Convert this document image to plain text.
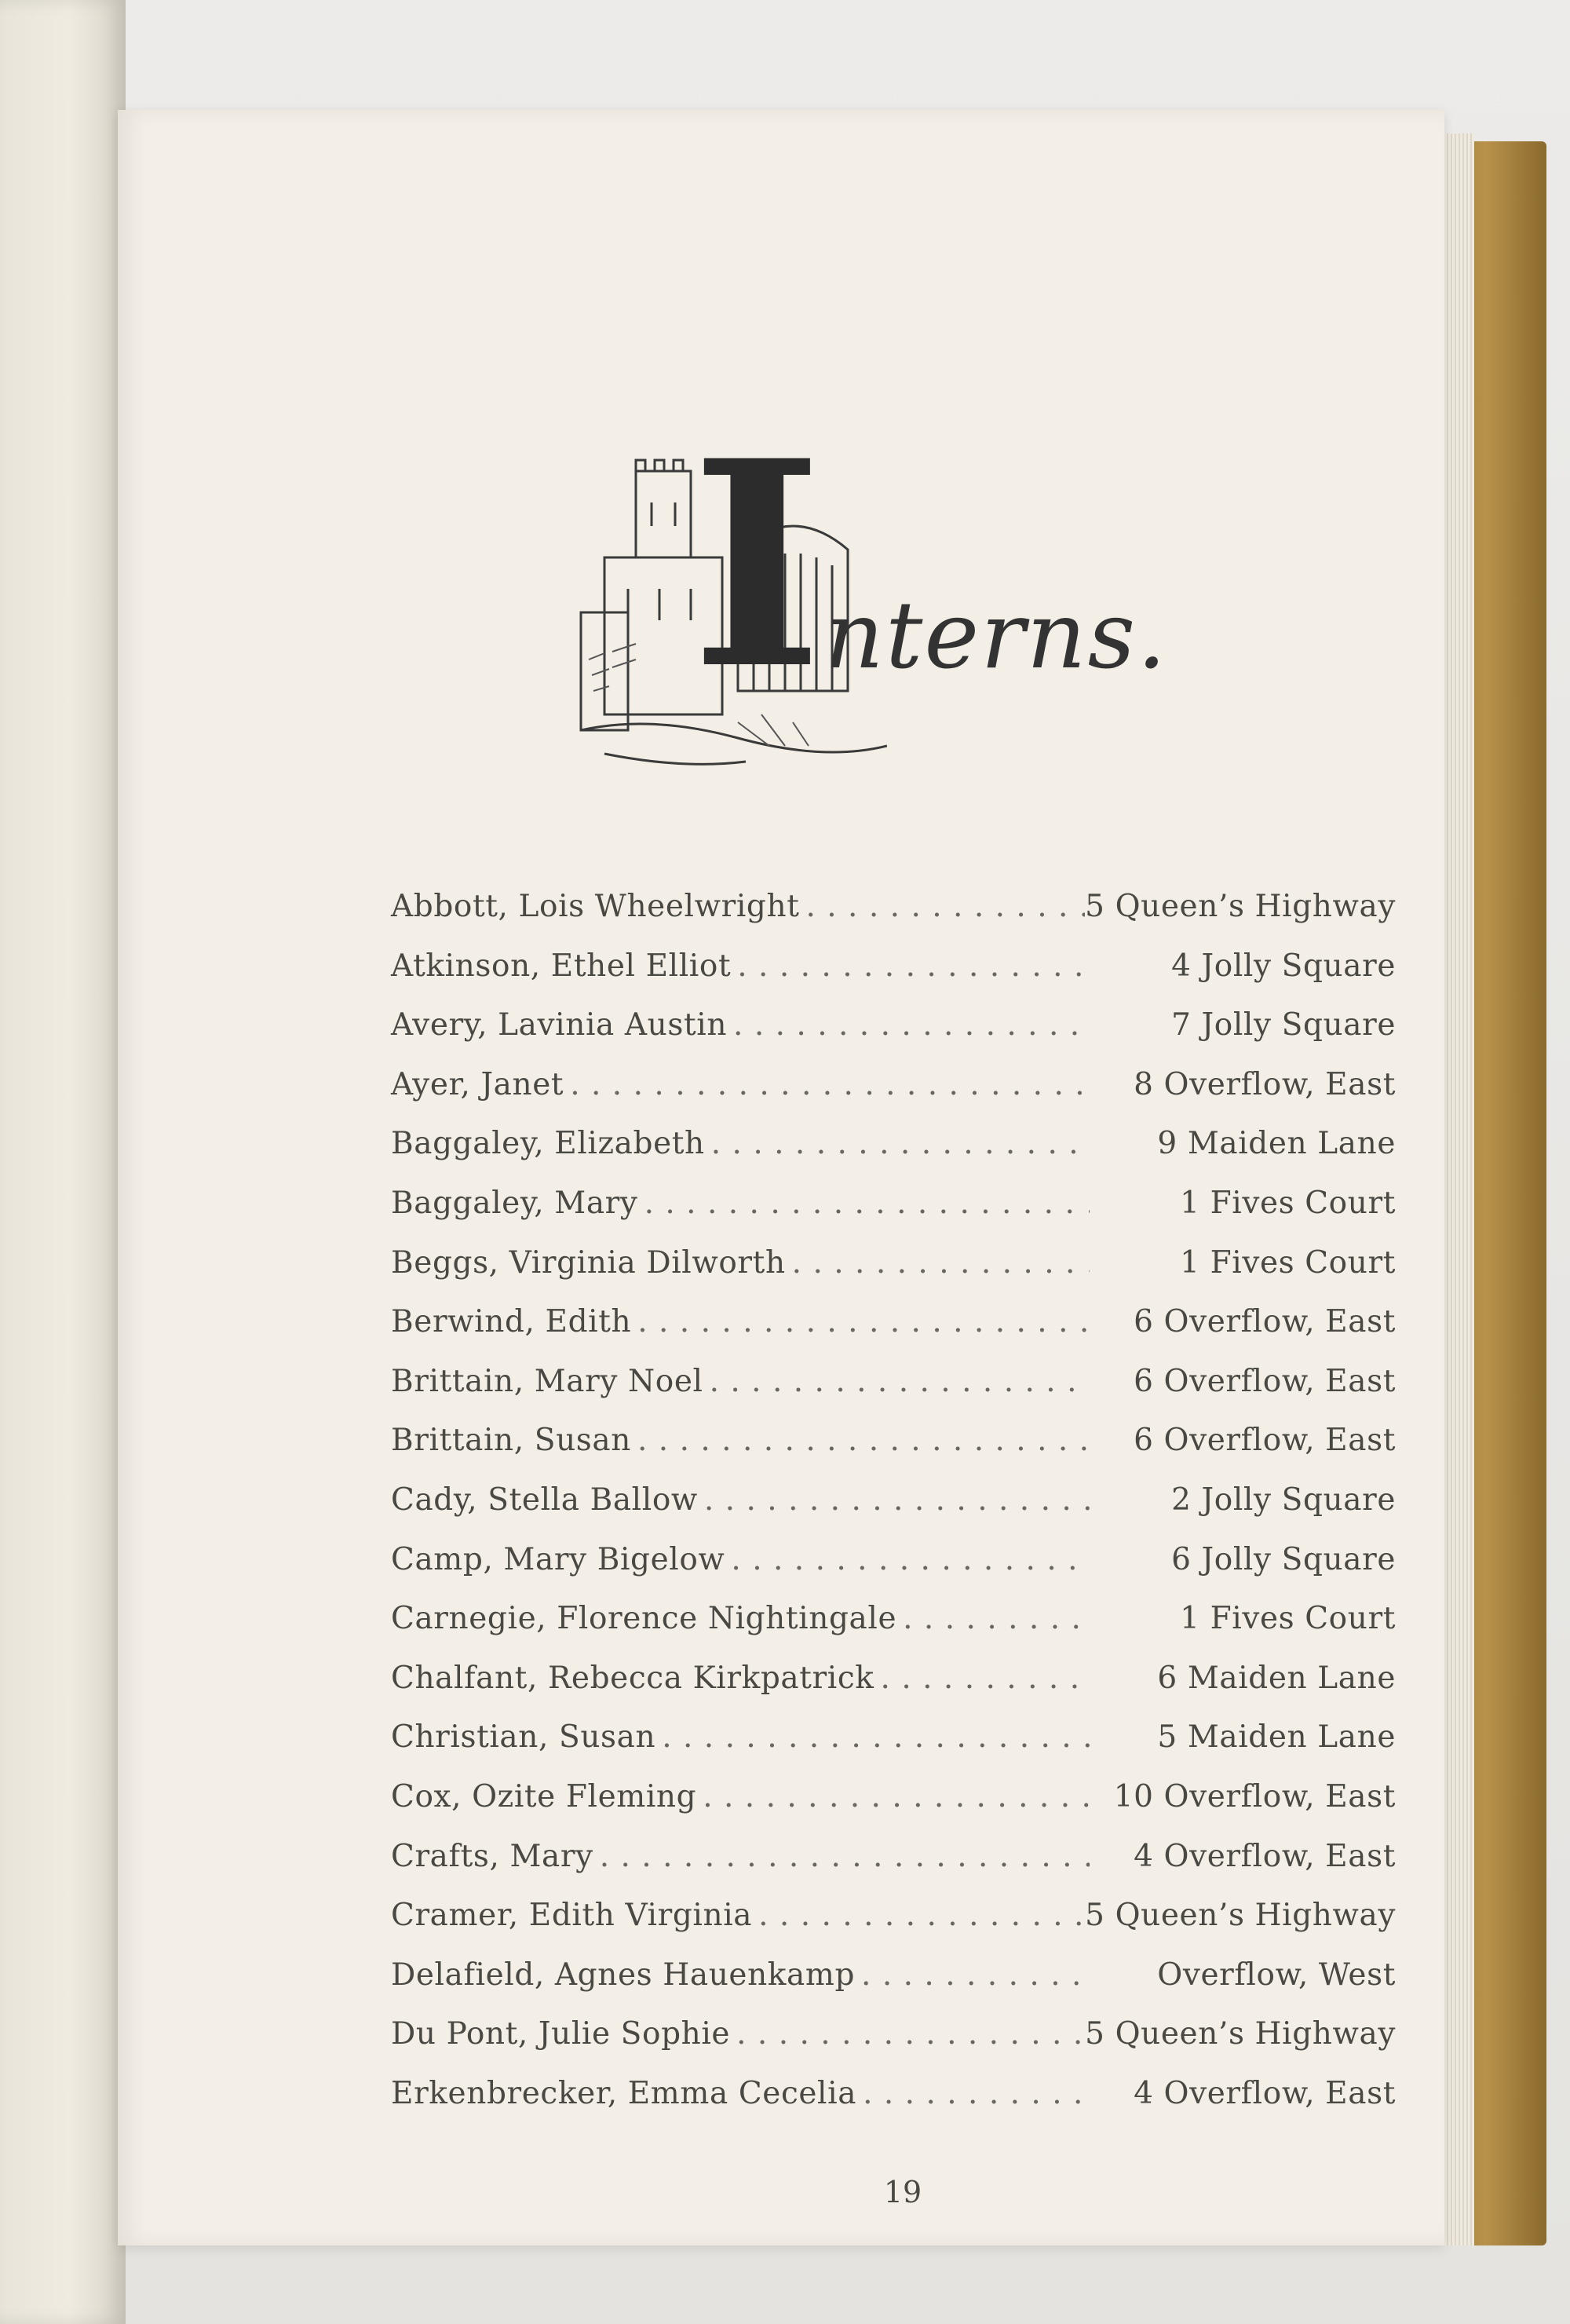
I nterns.
Abbott, Lois Wheelwright . . .	5 Queen’s Highway
Atkinson, Ethel Elliot . . .	4 Jolly Square
Avery, Lavinia Austin . . .	7 Jolly Square
Ayer, Janet . . .	8 Overflow, East
Baggaley, Elizabeth . . .	9 Maiden Lane
Baggaley, Mary . . .	1 Fives Court
Beggs, Virginia Dilworth . . .	1 Fives Court
Berwind, Edith . . .	6 Overflow, East
Brittain, Mary Noel . . .	6 Overflow, East
Brittain, Susan . . .	6 Overflow, East
Cady, Stella Ballow . . .	2 Jolly Square
Camp, Mary Bigelow . . .	6 Jolly Square
Carnegie, Florence Nightingale . . .	1 Fives Court
Chalfant, Rebecca Kirkpatrick . . .	6 Maiden Lane
Christian, Susan . . .	5 Maiden Lane
Cox, Ozite Fleming . . .	10 Overflow, East
Crafts, Mary . . .	4 Overflow, East
Cramer, Edith Virginia . . .	5 Queen’s Highway
Delafield, Agnes Hauenkamp . . .	Overflow, West
Du Pont, Julie Sophie . . .	5 Queen’s Highway
Erkenbrecker, Emma Cecelia . . .	4 Overflow, East
19
